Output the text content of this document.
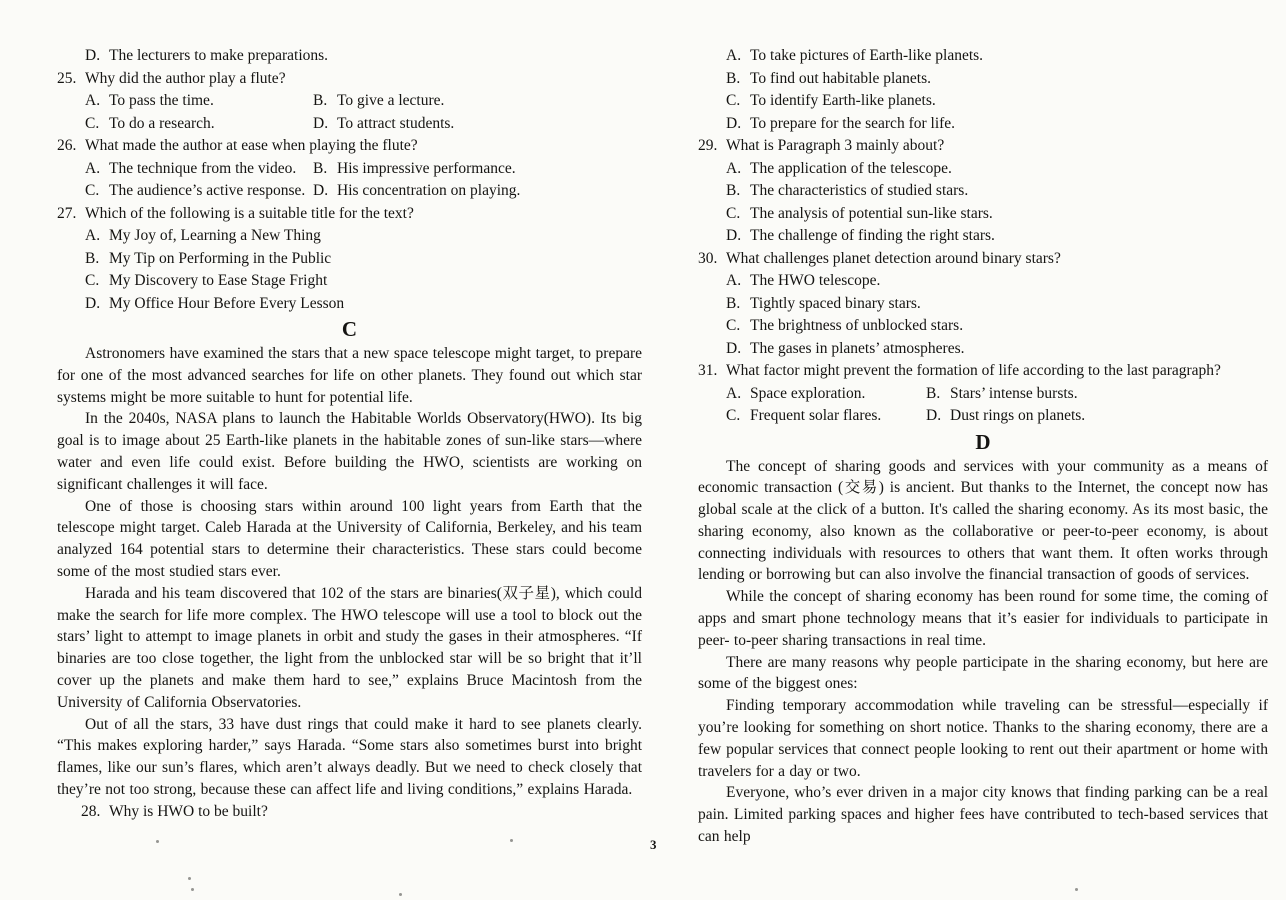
D. The lecturers to make preparations.
25. Why did the author play a flute?
A. To pass the time.	B. To give a lecture.
C. To do a research.	D. To attract students.
26. What made the author at ease when playing the flute?
A. The technique from the video.	B. His impressive performance.
C. The audience’s active response. D. His concentration on playing.
27. Which of the following is a suitable title for the text?
A. My Joy of, Learning a New Thing
B. My Tip on Performing in the Public
C. My Discovery to Ease Stage Fright
D. My Office Hour Before Every Lesson
C

Astronomers have examined the stars that a new space telescope might target, to prepare for one of the most advanced searches for life on other planets. They found out which star systems might be more suitable to hunt for potential life.

In the 2040s, NASA plans to launch the Habitable Worlds Observatory(HWO). Its big goal is to image about 25 Earth-like planets in the habitable zones of sun-like stars—where water and even life could exist. Before building the HWO, scientists are working on significant challenges it will face.

One of those is choosing stars within around 100 light years from Earth that the telescope might target. Caleb Harada at the University of California, Berkeley, and his team analyzed 164 potential stars to determine their characteristics. These stars could become some of the most studied stars ever.

Harada and his team discovered that 102 of the stars are binaries(双子星), which could make the search for life more complex. The HWO telescope will use a tool to block out the stars’ light to attempt to image planets in orbit and study the gases in their atmospheres. “If binaries are too close together, the light from the unblocked star will be so bright that it’ll cover up the planets and make them hard to see,” explains Bruce Macintosh from the University of California Observatories.

Out of all the stars, 33 have dust rings that could make it hard to see planets clearly. “This makes exploring harder,” says Harada. “Some stars also sometimes burst into bright flames, like our sun’s flares, which aren’t always deadly. But we need to check closely that they’re not too strong, because these can affect life and living conditions,” explains Harada.

28. Why is HWO to be built?
A. To take pictures of Earth-like planets.
B. To find out habitable planets.
C. To identify Earth-like planets.
D. To prepare for the search for life.
29. What is Paragraph 3 mainly about?
A. The application of the telescope.
B. The characteristics of studied stars.
C. The analysis of potential sun-like stars.
D. The challenge of finding the right stars.
30. What challenges planet detection around binary stars?
A. The HWO telescope.
B. Tightly spaced binary stars.
C. The brightness of unblocked stars.
D. The gases in planets’ atmospheres.
31. What factor might prevent the formation of life according to the last paragraph?
A. Space exploration.	B. Stars’ intense bursts.
C. Frequent solar flares.	D. Dust rings on planets.
D

The concept of sharing goods and services with your community as a means of economic transaction (交易) is ancient. But thanks to the Internet, the concept now has global scale at the click of a button. It's called the sharing economy. As its most basic, the sharing economy, also known as the collaborative or peer-to-peer economy, is about connecting individuals with resources to others that want them. It often works through lending or borrowing but can also involve the financial transaction of goods of services.

While the concept of sharing economy has been round for some time, the coming of apps and smart phone technology means that it’s easier for individuals to participate in peer- to-peer sharing transactions in real time.

There are many reasons why people participate in the sharing economy, but here are some of the biggest ones:

Finding temporary accommodation while traveling can be stressful—especially if you’re looking for something on short notice. Thanks to the sharing economy, there are a few popular services that connect people looking to rent out their apartment or home with travelers for a day or two.

Everyone, who’s ever driven in a major city knows that finding parking can be a real pain. Limited parking spaces and higher fees have contributed to tech-based services that can help

3
